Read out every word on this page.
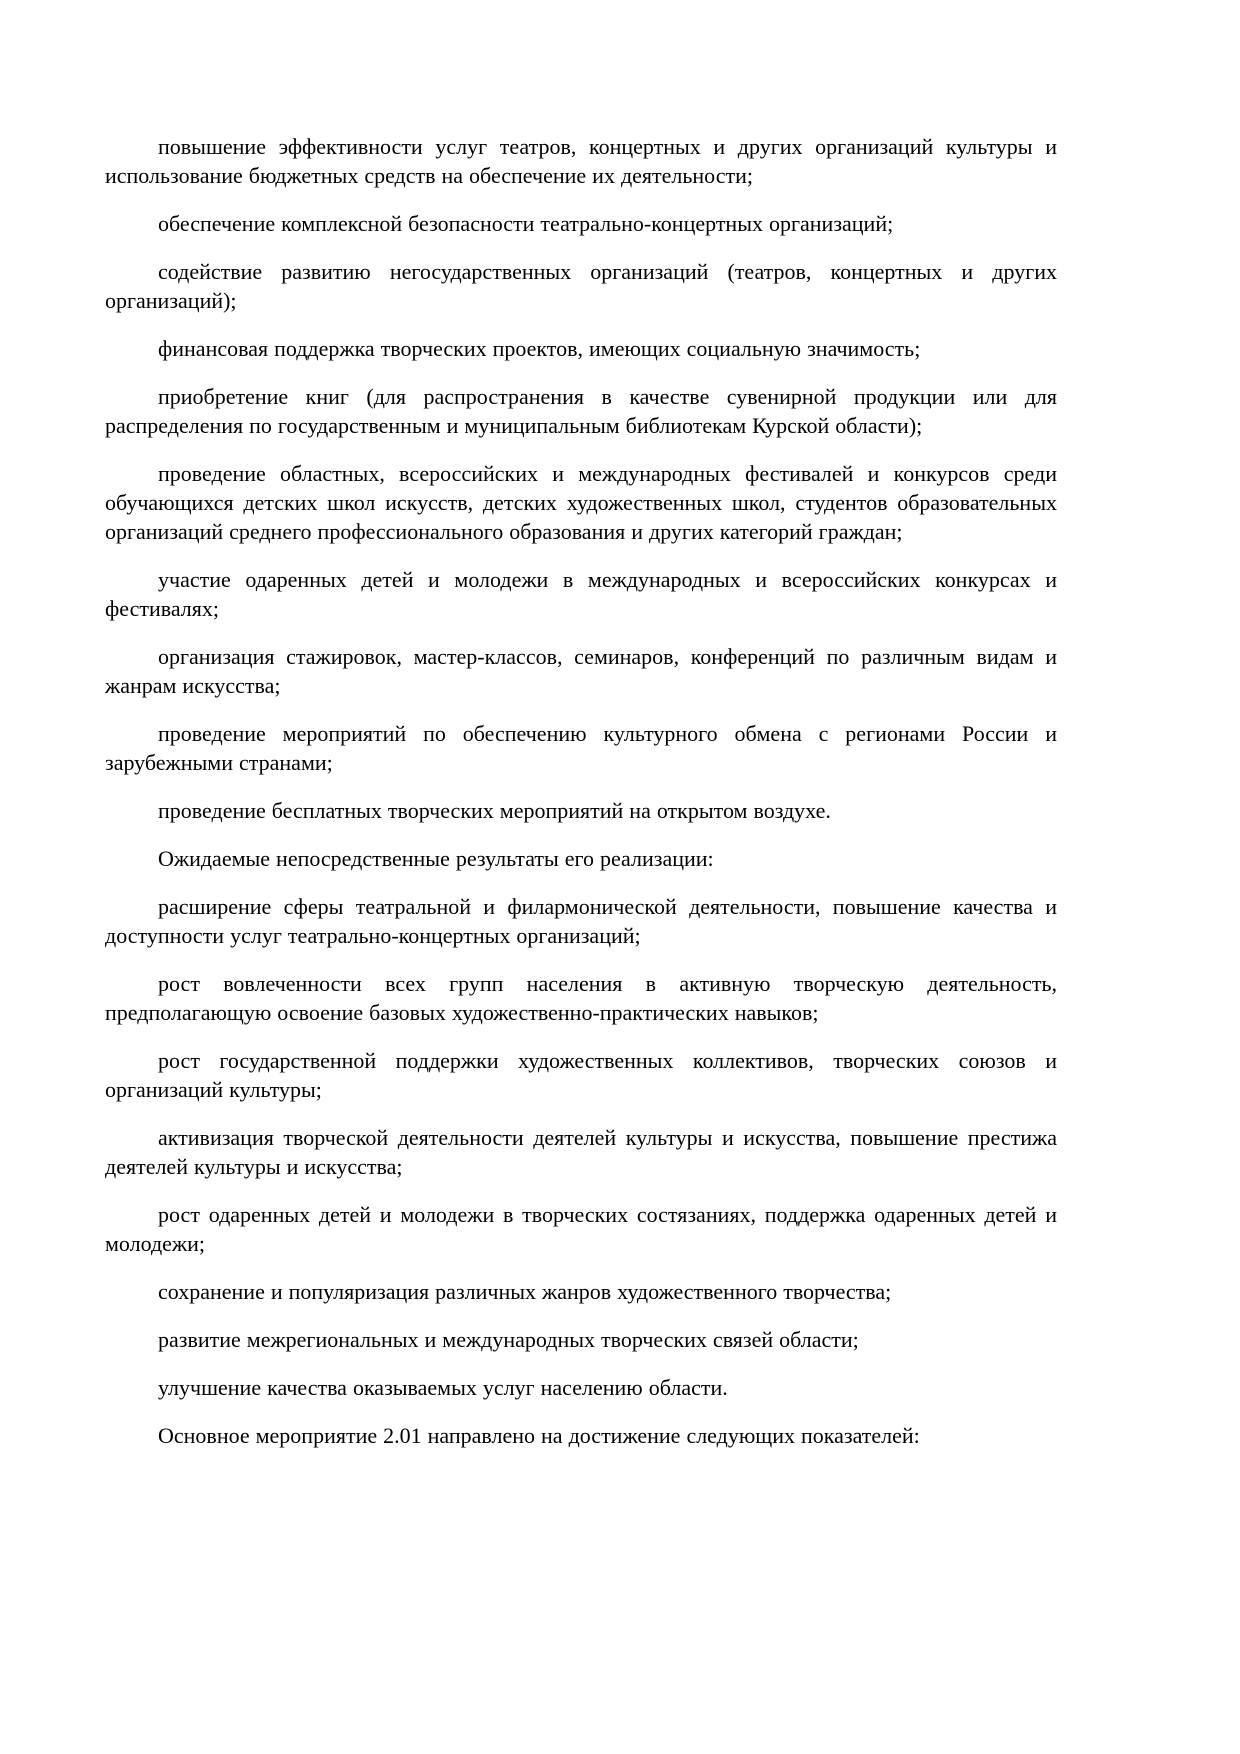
повышение эффективности услуг театров, концертных и других организаций культуры и использование бюджетных средств на обеспечение их деятельности;

обеспечение комплексной безопасности театрально-концертных организаций;

содействие развитию негосударственных организаций (театров, концертных и других организаций);

финансовая поддержка творческих проектов, имеющих социальную значимость;

приобретение книг (для распространения в качестве сувенирной продукции или для распределения по государственным и муниципальным библиотекам Курской области);

проведение областных, всероссийских и международных фестивалей и конкурсов среди обучающихся детских школ искусств, детских художественных школ, студентов образовательных организаций среднего профессионального образования и других категорий граждан;

участие одаренных детей и молодежи в международных и всероссийских конкурсах и фестивалях;

организация стажировок, мастер-классов, семинаров, конференций по различным видам и жанрам искусства;

проведение мероприятий по обеспечению культурного обмена с регионами России и зарубежными странами;

проведение бесплатных творческих мероприятий на открытом воздухе.

Ожидаемые непосредственные результаты его реализации:

расширение сферы театральной и филармонической деятельности, повышение качества и доступности услуг театрально-концертных организаций;

рост вовлеченности всех групп населения в активную творческую деятельность, предполагающую освоение базовых художественно-практических навыков;

рост государственной поддержки художественных коллективов, творческих союзов и организаций культуры;

активизация творческой деятельности деятелей культуры и искусства, повышение престижа деятелей культуры и искусства;

рост одаренных детей и молодежи в творческих состязаниях, поддержка одаренных детей и молодежи;

сохранение и популяризация различных жанров художественного творчества;

развитие межрегиональных и международных творческих связей области;

улучшение качества оказываемых услуг населению области.

Основное мероприятие 2.01 направлено на достижение следующих показателей:
